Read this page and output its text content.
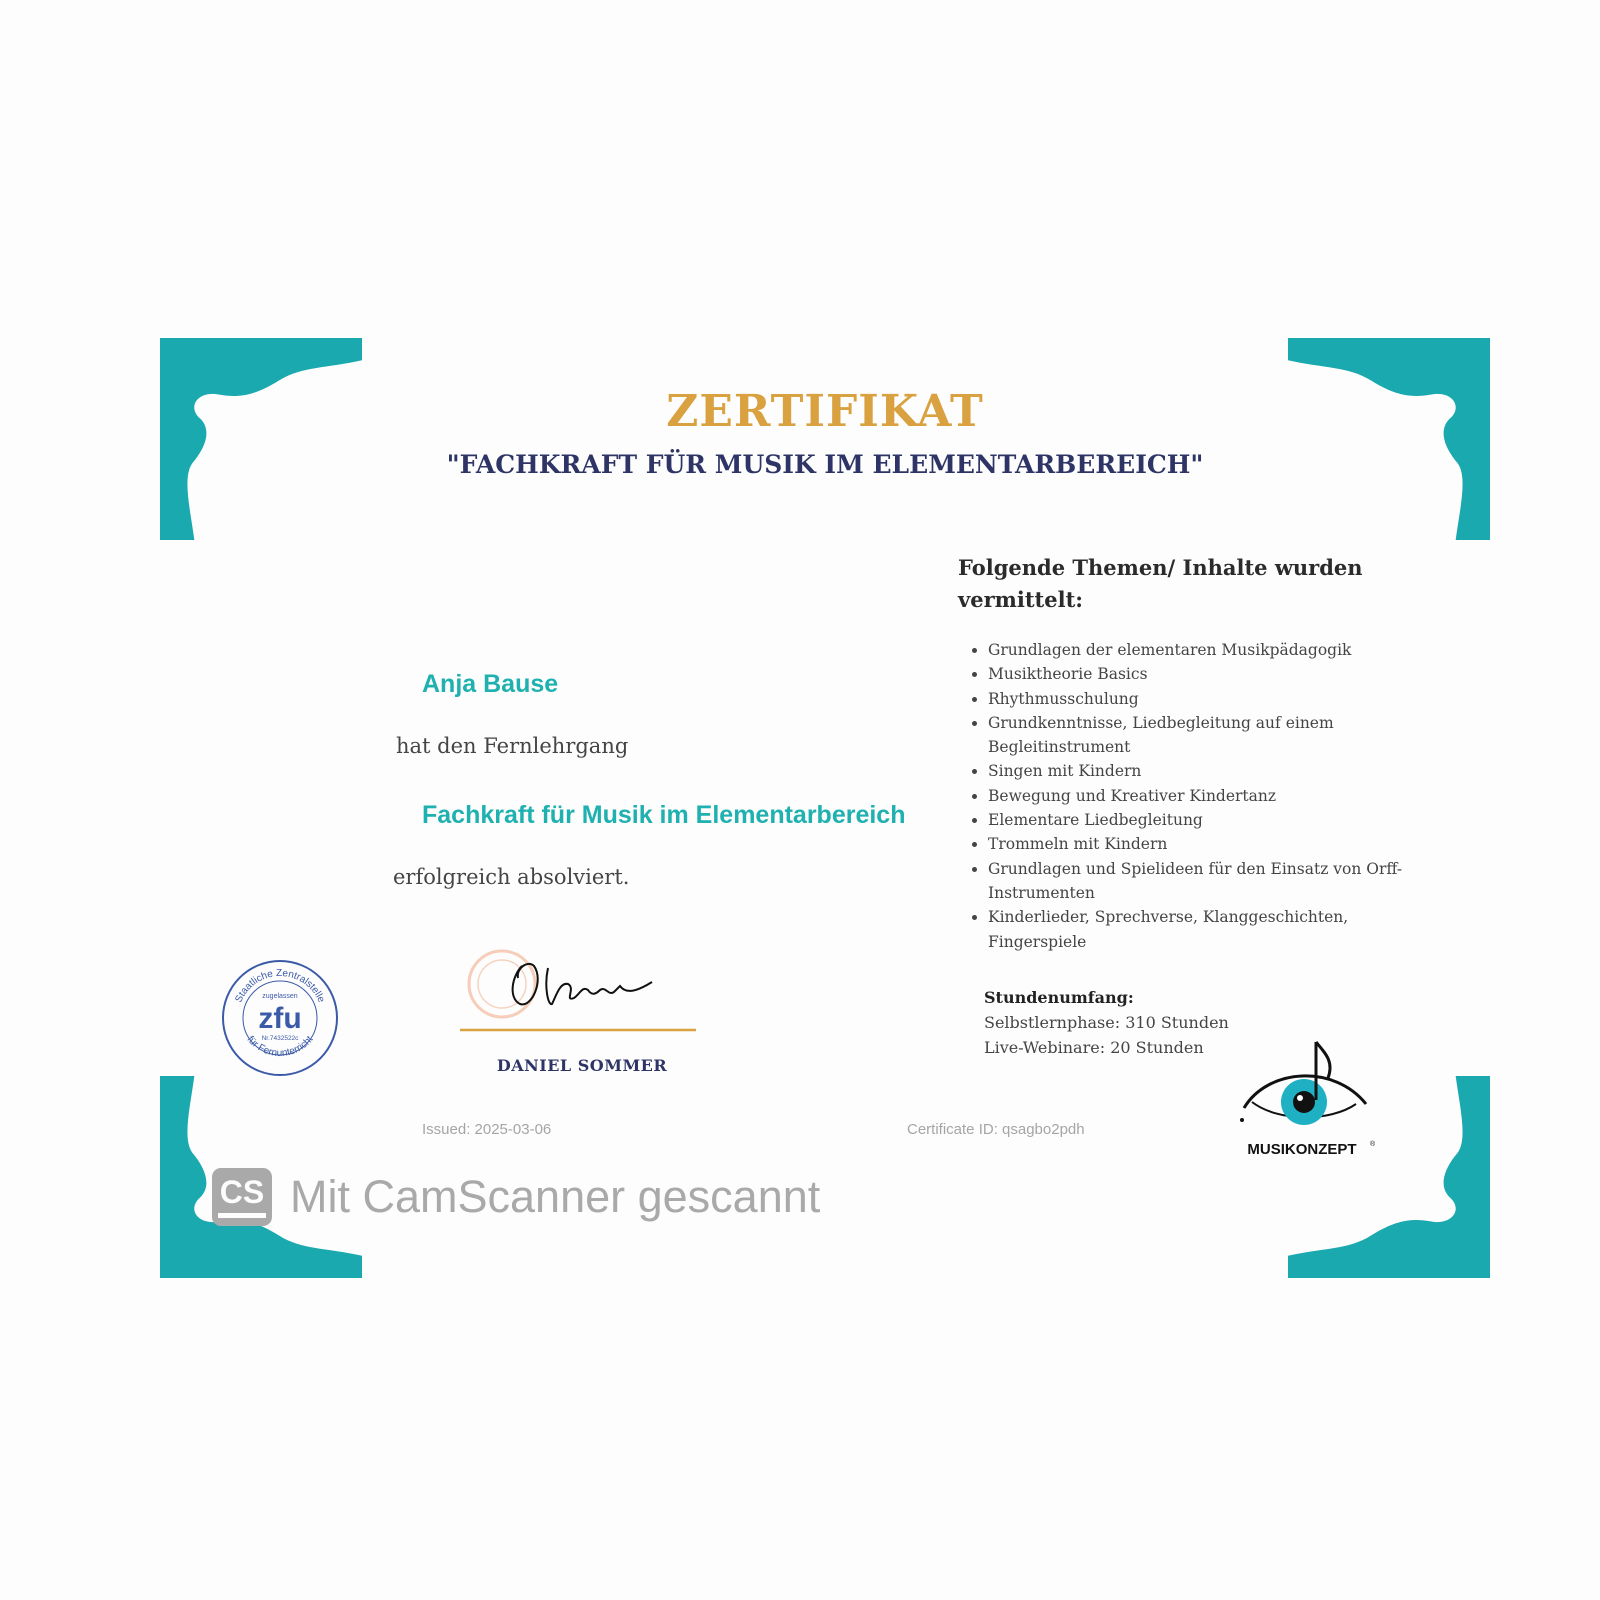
ZERTIFIKAT
"FACHKRAFT FÜR MUSIK IM ELEMENTARBEREICH"
Anja Bause
hat den Fernlehrgang
Fachkraft für Musik im Elementarbereich
erfolgreich absolviert.
Folgende Themen/ Inhalte wurden vermittelt:
• Grundlagen der elementaren Musikpädagogik
• Musiktheorie Basics
• Rhythmusschulung
• Grundkenntnisse, Liedbegleitung auf einem Begleitinstrument
• Singen mit Kindern
• Bewegung und Kreativer Kindertanz
• Elementare Liedbegleitung
• Trommeln mit Kindern
• Grundlagen und Spielideen für den Einsatz von Orff-Instrumenten
• Kinderlieder, Sprechverse, Klanggeschichten, Fingerspiele
Stundenumfang:
Selbstlernphase: 310 Stunden
Live-Webinare: 20 Stunden
Staatliche Zentralstelle
für Fernunterricht
zugelassen
zfu
Nr.7432522c
DANIEL SOMMER
MUSIKONZEPT ®
Issued: 2025-03-06	Certificate ID: qsagbo2pdh
CS Mit CamScanner gescannt
